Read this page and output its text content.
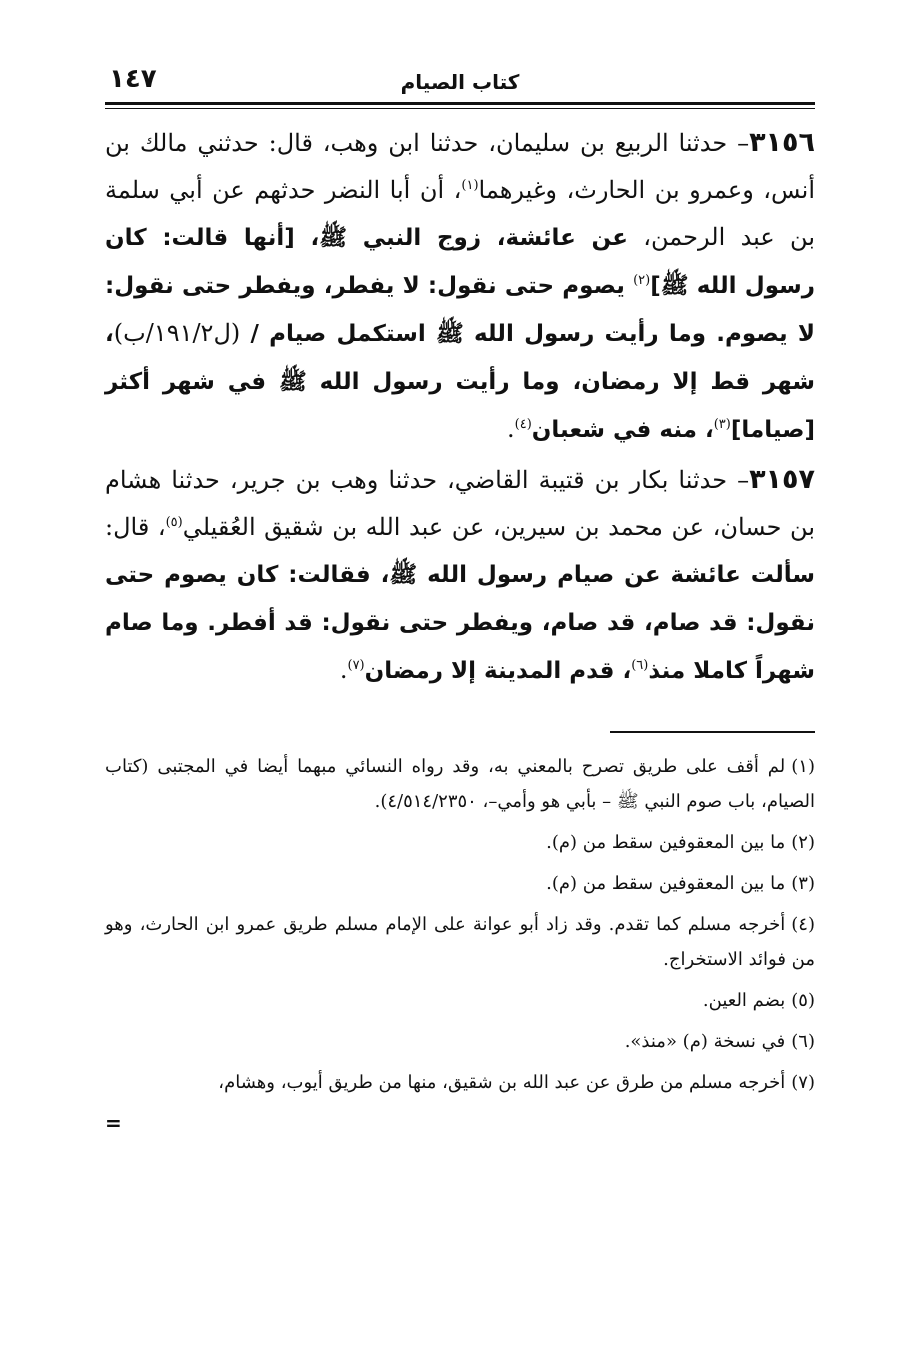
كتاب الصيام
١٤٧

٣١٥٦– حدثنا الربيع بن سليمان، حدثنا ابن وهب، قال: حدثني مالك بن أنس، وعمرو بن الحارث، وغيرهما$^{(١)}$، أن أبا النضر حدثهم عن أبي سلمة بن عبد الرحمن، عن عائشة، زوج النبي ﷺ، [أنها قالت: كان رسول الله ﷺ]$^{(٢)}$ يصوم حتى نقول: لا يفطر، ويفطر حتى نقول: لا يصوم. وما رأيت رسول الله ﷺ استكمل صيام / (ل١٩١/٢/ب)، شهر قط إلا رمضان، وما رأيت رسول الله ﷺ في شهر أكثر [صياما]$^{(٣)}$، منه في شعبان$^{(٤)}$.

٣١٥٧– حدثنا بكار بن قتيبة القاضي، حدثنا وهب بن جرير، حدثنا هشام بن حسان، عن محمد بن سيرين، عن عبد الله بن شقيق العُقيلي$^{(٥)}$، قال: سألت عائشة عن صيام رسول الله ﷺ، فقالت: كان يصوم حتى نقول: قد صام، قد صام، ويفطر حتى نقول: قد أفطر. وما صام شهراً كاملا منذ$^{(٦)}$، قدم المدينة إلا رمضان$^{(٧)}$.

(١)لم أقف على طريق تصرح بالمعني به، وقد رواه النسائي مبهما أيضا في المجتبى (كتاب الصيام، باب صوم النبي ﷺ – بأبي هو وأمي–، ٤/٥١٤/٢٣٥٠).
(٢)ما بين المعقوفين سقط من (م).
(٣)ما بين المعقوفين سقط من (م).
(٤)أخرجه مسلم كما تقدم. وقد زاد أبو عوانة على الإمام مسلم طريق عمرو ابن الحارث، وهو من فوائد الاستخراج.
(٥)بضم العين.
(٦)في نسخة (م) «منذ».
(٧)أخرجه مسلم من طرق عن عبد الله بن شقيق، منها من طريق أيوب، وهشام،
=
